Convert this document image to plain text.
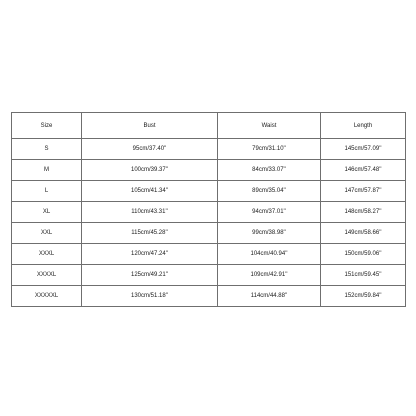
Size	Bust	Waist	Length
S	95cm/37.40''	79cm/31.10''	145cm/57.09''
M	100cm/39.37''	84cm/33.07''	146cm/57.48''
L	105cm/41.34''	89cm/35.04''	147cm/57.87''
XL	110cm/43.31''	94cm/37.01''	148cm/58.27''
XXL	115cm/45.28''	99cm/38.98''	149cm/58.66''
XXXL	120cm/47.24''	104cm/40.94''	150cm/59.06''
XXXXL	125cm/49.21''	109cm/42.91''	151cm/59.45''
XXXXXL	130cm/51.18''	114cm/44.88''	152cm/59.84''
